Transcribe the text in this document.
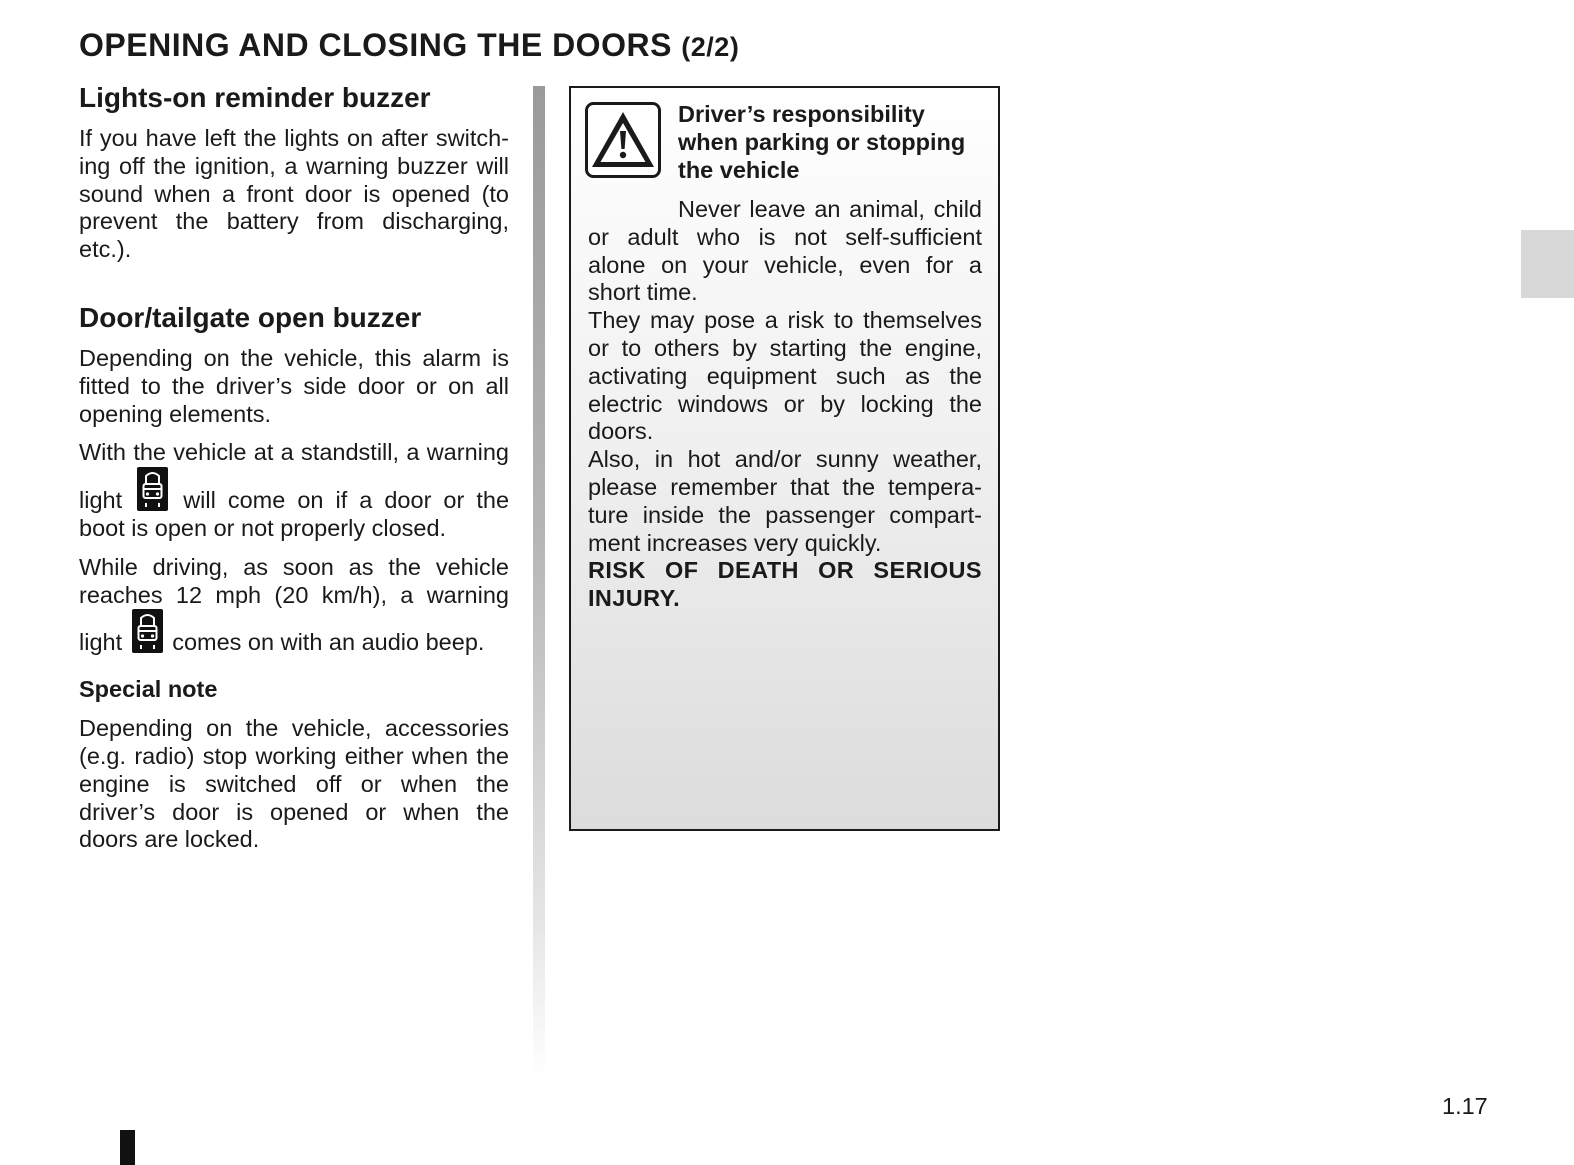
OPENING AND CLOSING THE DOORS (2/2)
Lights-on reminder buzzer

If you have left the lights on after switching off the ignition, a warning buzzer will sound when a front door is opened (to prevent the battery from discharging, etc.).

Door/tailgate open buzzer

Depending on the vehicle, this alarm is fitted to the driver’s side door or on all opening elements.

With the vehicle at a standstill, a warning light	will come on if a door or the boot is open or not properly closed.

While driving, as soon as the vehicle reaches 12 mph (20 km/h), a warning light comes on with an audio beep.

Special note

Depending on the vehicle, accessories (e.g. radio) stop working either when the engine is switched off or when the driver’s door is opened or when the doors are locked.

Driver’s responsibility when parking or stopping the vehicle

Never leave an animal, child or adult who is not self-sufficient alone on your vehicle, even for a short time.

They may pose a risk to themselves or to others by starting the engine, activating equipment such as the electric windows or by locking the doors.

Also, in hot and/or sunny weather, please remember that the temperature inside the passenger compartment increases very quickly.

RISK OF DEATH OR SERIOUS INJURY.

1.17
